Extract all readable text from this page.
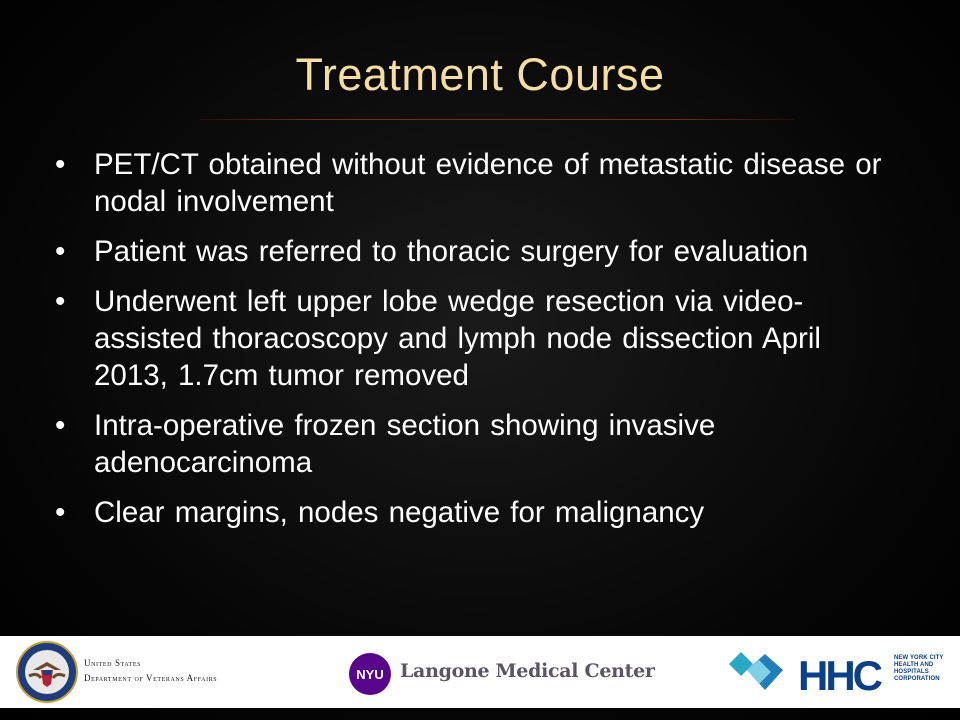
Treatment Course
• PET/CT obtained without evidence of metastatic disease or nodal involvement
• Patient was referred to thoracic surgery for evaluation
• Underwent left upper lobe wedge resection via video-assisted thoracoscopy and lymph node dissection April 2013, 1.7cm tumor removed
• Intra-operative frozen section showing invasive adenocarcinoma
• Clear margins, nodes negative for malignancy
United States
Department of Veterans Affairs	NYU Langone Medical Center	HHC	NEW YORK CITY
HEALTH AND
HOSPITALS
CORPORATION
